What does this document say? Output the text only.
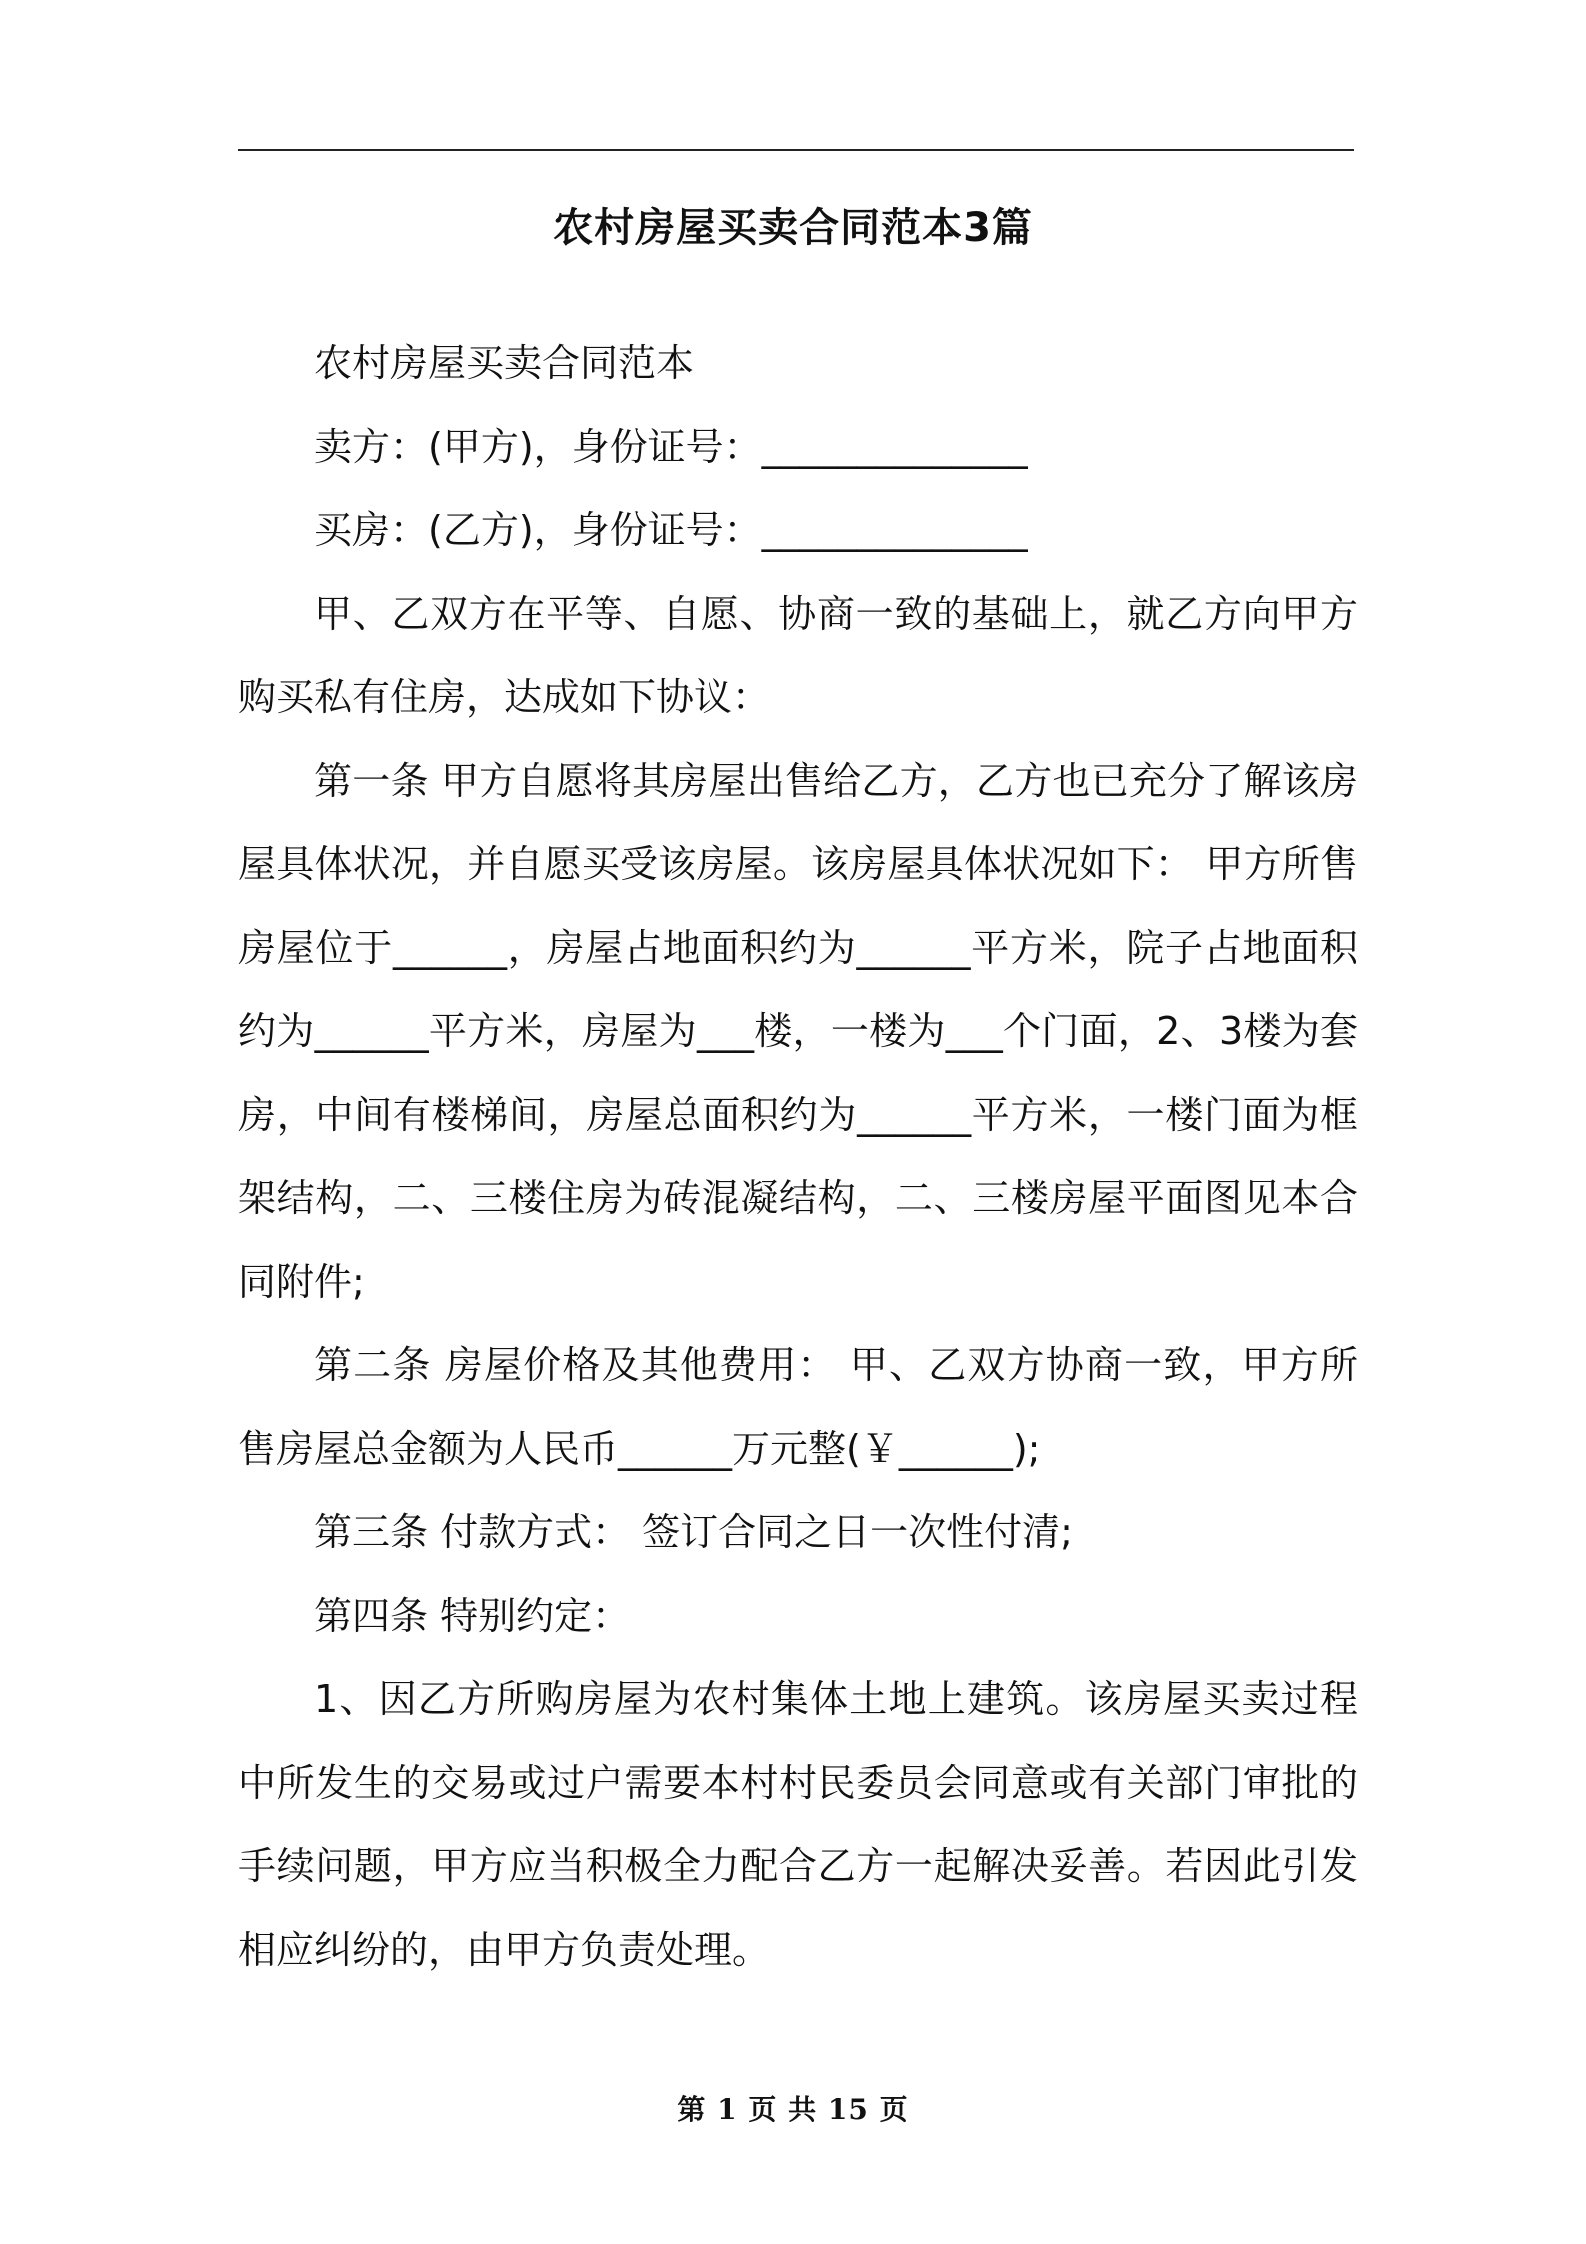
农村房屋买卖合同范本3篇

农村房屋买卖合同范本

卖方：(甲方)，身份证号：______________

买房：(乙方)，身份证号：______________

甲、乙双方在平等、自愿、协商一致的基础上，就乙方向甲方购买私有住房，达成如下协议：

第一条 甲方自愿将其房屋出售给乙方，乙方也已充分了解该房屋具体状况，并自愿买受该房屋。该房屋具体状况如下： 甲方所售房屋位于______，房屋占地面积约为______平方米，院子占地面积约为______平方米，房屋为___楼，一楼为___个门面，2、3楼为套房，中间有楼梯间，房屋总面积约为______平方米，一楼门面为框架结构，二、三楼住房为砖混凝结构，二、三楼房屋平面图见本合同附件;

第二条 房屋价格及其他费用： 甲、乙双方协商一致，甲方所售房屋总金额为人民币______万元整(￥______);

第三条 付款方式： 签订合同之日一次性付清;

第四条 特别约定：

1、因乙方所购房屋为农村集体土地上建筑。该房屋买卖过程中所发生的交易或过户需要本村村民委员会同意或有关部门审批的手续问题，甲方应当积极全力配合乙方一起解决妥善。若因此引发相应纠纷的，由甲方负责处理。

第 1 页 共 15 页
